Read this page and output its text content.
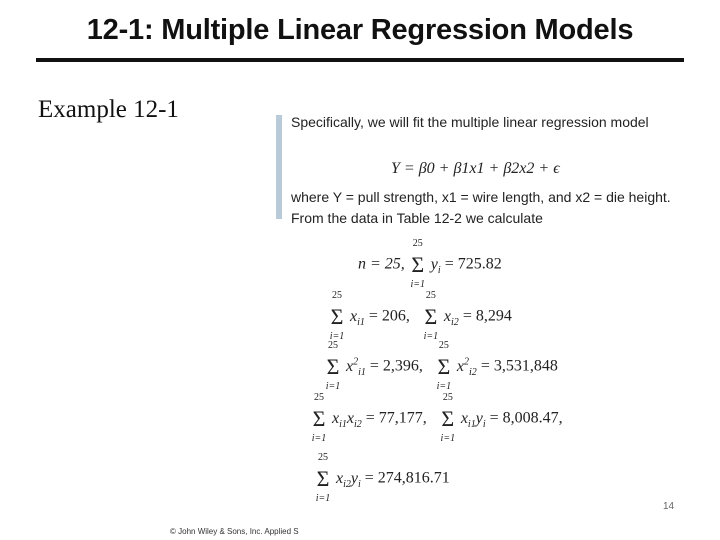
12-1: Multiple Linear Regression Models
Example 12-1	Specifically, we will fit the multiple linear regression model
Y = β0 + β1x1 + β2x2 + ϵ
where Y = pull strength, x1 = wire length, and x2 = die height. From the data in Table 12-2 we calculate
n = 25,
25
Σ
i=1
$y_i = 725.82$
25
Σ
i=1
$x_{i1} = 206$,
25
Σ
i=1
$x_{i2} = 8,294$
25
Σ
i=1
$x^2_{i1} = 2,396$,
25
Σ
i=1
$x^2_{i2} = 3,531,848$
25
Σ
i=1
$x_{i1}x_{i2} = 77,177$,
25
Σ
i=1
$x_{i1}y_i = 8,008.47$,
25
Σ
i=1
$x_{i2}y_i = 274,816.71$
14
© John Wiley & Sons, Inc. Applied S
